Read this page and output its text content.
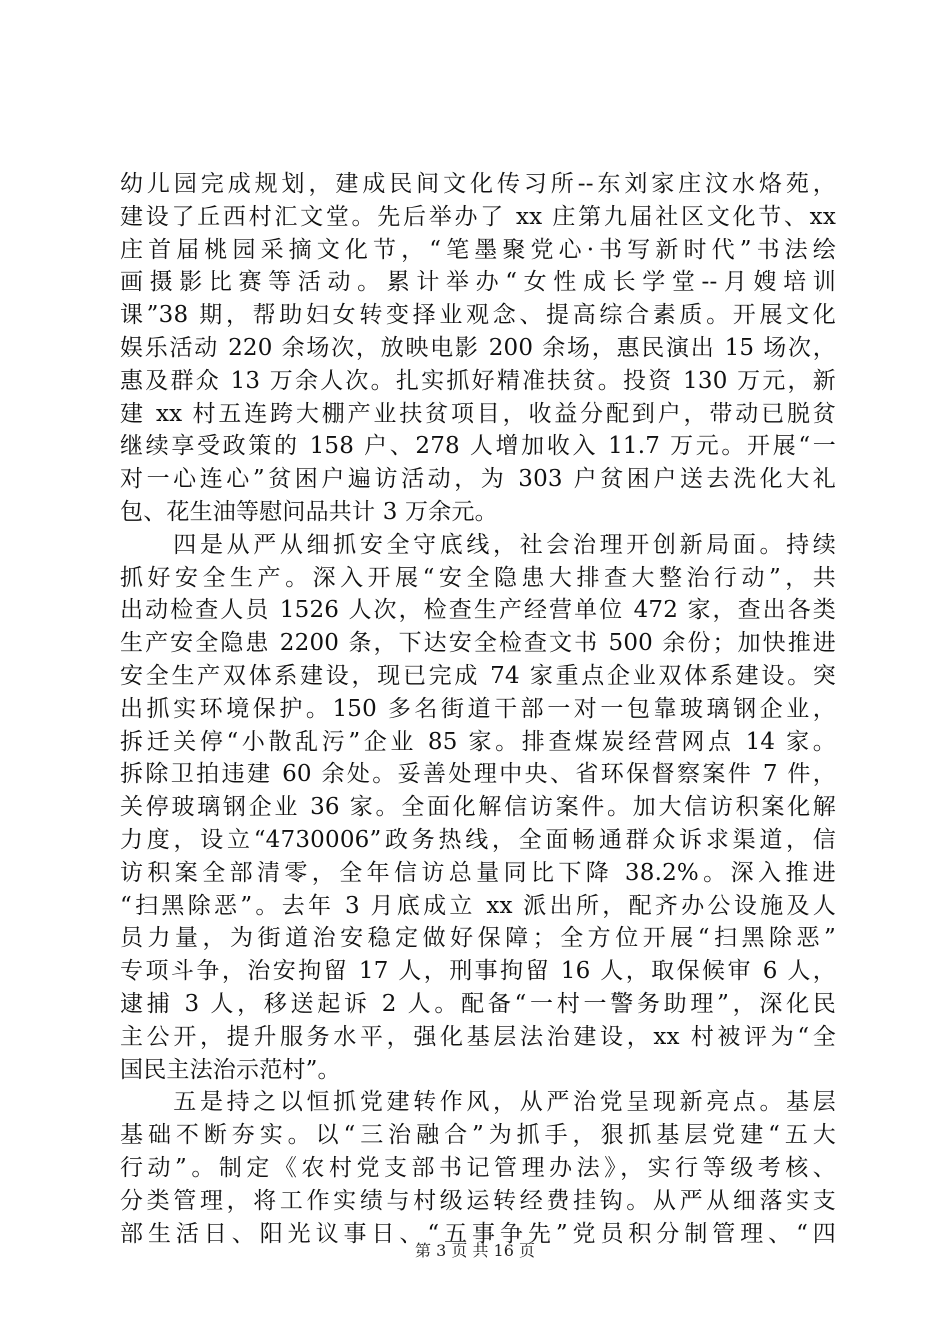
幼儿园完成规划，建成民间文化传习所--东刘家庄汶水烙苑，
建设了丘西村汇文堂。先后举办了 xx 庄第九届社区文化节、xx
庄首届桃园采摘文化节，“笔墨聚党心·书写新时代”书法绘
画摄影比赛等活动。累计举办“女性成长学堂--月嫂培训
课”38 期，帮助妇女转变择业观念、提高综合素质。开展文化
娱乐活动 220 余场次，放映电影 200 余场，惠民演出 15 场次，
惠及群众 13 万余人次。扎实抓好精准扶贫。投资 130 万元，新
建 xx 村五连跨大棚产业扶贫项目，收益分配到户，带动已脱贫
继续享受政策的 158 户、278 人增加收入 11.7 万元。开展“一
对一心连心”贫困户遍访活动，为 303 户贫困户送去洗化大礼
包、花生油等慰问品共计 3 万余元。
　　四是从严从细抓安全守底线，社会治理开创新局面。持续
抓好安全生产。深入开展“安全隐患大排查大整治行动”，共
出动检查人员 1526 人次，检查生产经营单位 472 家，查出各类
生产安全隐患 2200 条，下达安全检查文书 500 余份；加快推进
安全生产双体系建设，现已完成 74 家重点企业双体系建设。突
出抓实环境保护。150 多名街道干部一对一包靠玻璃钢企业，
拆迁关停“小散乱污”企业 85 家。排查煤炭经营网点 14 家。
拆除卫拍违建 60 余处。妥善处理中央、省环保督察案件 7 件，
关停玻璃钢企业 36 家。全面化解信访案件。加大信访积案化解
力度，设立“4730006”政务热线，全面畅通群众诉求渠道，信
访积案全部清零，全年信访总量同比下降 38.2%。深入推进
“扫黑除恶”。去年 3 月底成立 xx 派出所，配齐办公设施及人
员力量，为街道治安稳定做好保障；全方位开展“扫黑除恶”
专项斗争，治安拘留 17 人，刑事拘留 16 人，取保候审 6 人，
逮捕 3 人，移送起诉 2 人。配备“一村一警务助理”，深化民
主公开，提升服务水平，强化基层法治建设，xx 村被评为“全
国民主法治示范村”。
　　五是持之以恒抓党建转作风，从严治党呈现新亮点。基层
基础不断夯实。以“三治融合”为抓手，狠抓基层党建“五大
行动”。制定《农村党支部书记管理办法》，实行等级考核、
分类管理，将工作实绩与村级运转经费挂钩。从严从细落实支
部生活日、阳光议事日、“五事争先”党员积分制管理、“四
第 3 页 共 16 页
